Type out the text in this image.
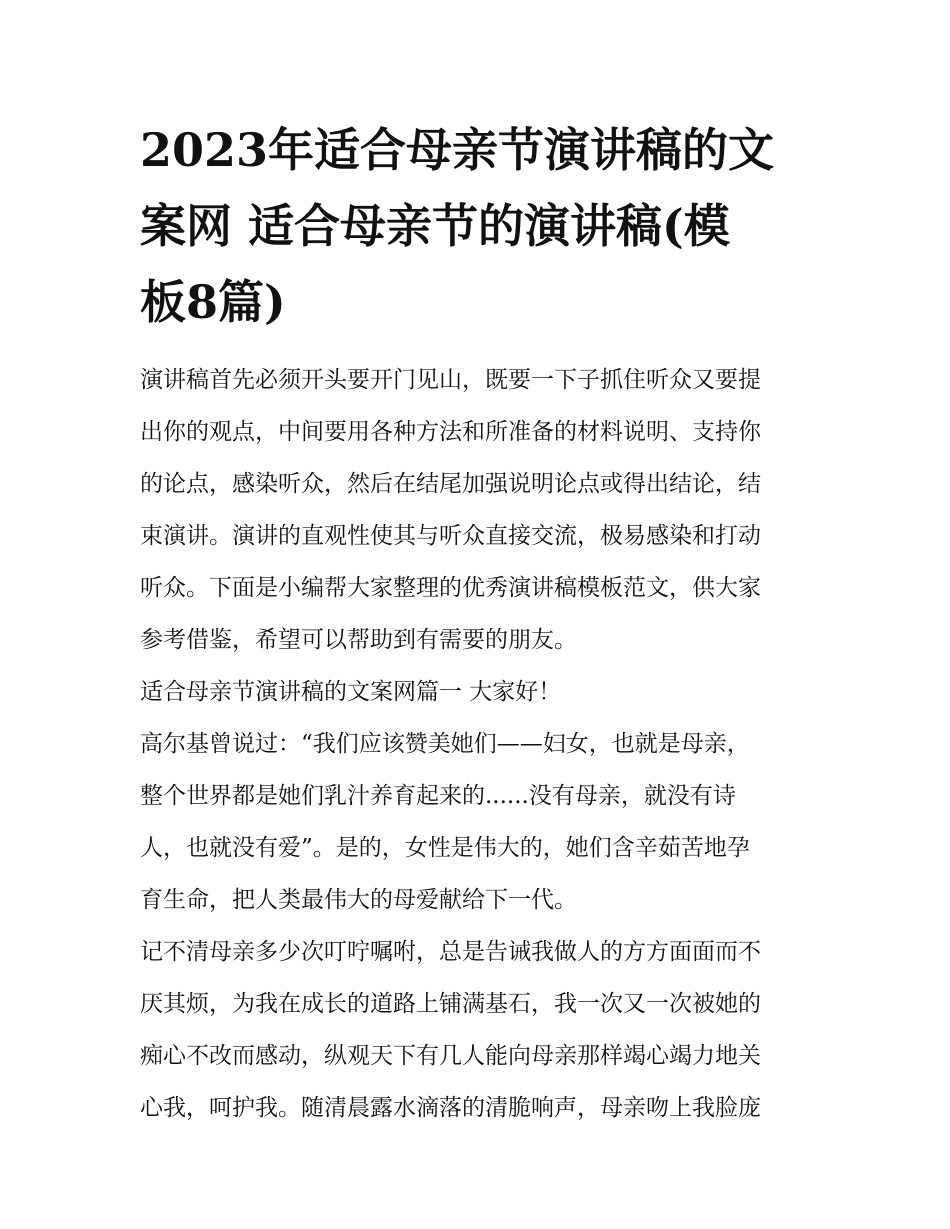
2023年适合母亲节演讲稿的文
案网 适合母亲节的演讲稿(模
板8篇)

演讲稿首先必须开头要开门见山，既要一下子抓住听众又要提
出你的观点，中间要用各种方法和所准备的材料说明、支持你
的论点，感染听众，然后在结尾加强说明论点或得出结论，结
束演讲。演讲的直观性使其与听众直接交流，极易感染和打动
听众。下面是小编帮大家整理的优秀演讲稿模板范文，供大家
参考借鉴，希望可以帮助到有需要的朋友。

适合母亲节演讲稿的文案网篇一 大家好！

高尔基曾说过：“我们应该赞美她们——妇女，也就是母亲，
整个世界都是她们乳汁养育起来的......没有母亲，就没有诗
人，也就没有爱”。是的，女性是伟大的，她们含辛茹苦地孕
育生命，把人类最伟大的母爱献给下一代。

记不清母亲多少次叮咛嘱咐，总是告诫我做人的方方面面而不
厌其烦，为我在成长的道路上铺满基石，我一次又一次被她的
痴心不改而感动，纵观天下有几人能向母亲那样竭心竭力地关
心我，呵护我。随清晨露水滴落的清脆响声，母亲吻上我脸庞
